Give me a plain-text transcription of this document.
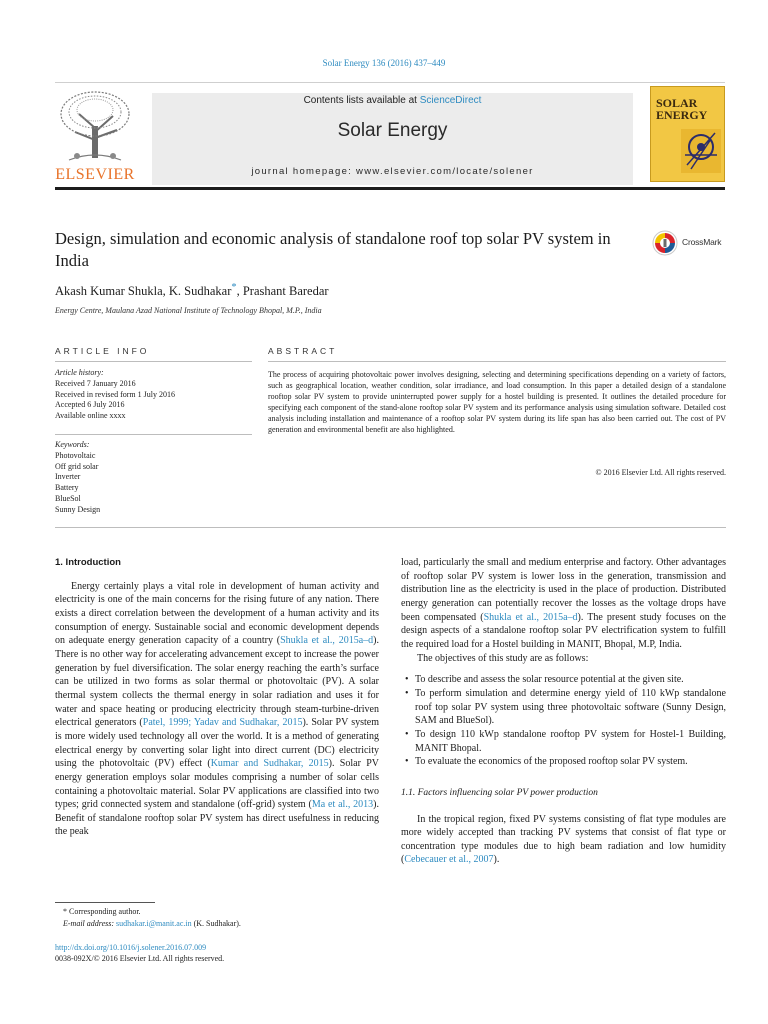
Solar Energy 136 (2016) 437–449
ELSEVIER
Contents lists available at ScienceDirect
Solar Energy
journal homepage: www.elsevier.com/locate/solener
SOLAR
ENERGY
Design, simulation and economic analysis of standalone roof top solar PV system in India
CrossMark
Akash Kumar Shukla, K. Sudhakar*, Prashant Baredar
Energy Centre, Maulana Azad National Institute of Technology Bhopal, M.P., India
ARTICLE INFO	ABSTRACT
Article history:
Received 7 January 2016
Received in revised form 1 July 2016
Accepted 6 July 2016
Available online xxxx
Keywords:
Photovoltaic
Off grid solar
Inverter
Battery
BlueSol
Sunny Design
The process of acquiring photovoltaic power involves designing, selecting and determining specifications depending on a variety of factors, such as geographical location, weather condition, solar irradiance, and load consumption. In this paper a detailed design of a standalone rooftop solar PV system to provide uninterrupted power supply for a hostel building is presented. It outlines the detailed procedure for specifying each component of the stand-alone rooftop solar PV system and its performance analysis using simulation software. Detailed cost analysis including installation and maintenance of a rooftop solar PV system during its life span has also been carried out. The cost of PV generation and environmental benefit are also highlighted.
© 2016 Elsevier Ltd. All rights reserved.

1. Introduction

Energy certainly plays a vital role in development of human activity and electricity is one of the main concerns for the rising future of any nation. There exists a direct correlation between the development of a human activity and its consumption of energy. Sustainable social and economic development depends on adequate energy generation capacity of a country (Shukla et al., 2015a–d). There is no other way for accelerating advancement except to increase the power generation by fuel diversification. The solar energy reaching the earth’s surface can be utilized in two forms as solar thermal or photovoltaic (PV). A solar thermal system collects the thermal energy in solar radiation and uses it for water and space heating or producing electricity through steam-turbine-driven electrical generators (Patel, 1999; Yadav and Sudhakar, 2015). Solar PV system is more widely used technology all over the world. It is a method of generating electrical energy by converting solar light into direct current (DC) electricity using the photovoltaic (PV) effect (Kumar and Sudhakar, 2015). Solar PV energy generation employs solar modules comprising a number of solar cells containing a photovoltaic material. Solar PV applications are classified into two types; grid connected system and standalone (off-grid) system (Ma et al., 2013). Benefit of standalone rooftop solar PV system has direct usefulness in reducing the peak

load, particularly the small and medium enterprise and factory. Other advantages of rooftop solar PV system is lower loss in the generation, transmission and distribution line as the electricity is used in the place of production. Distributed energy generation can potentially recover the losses as the voltage drops have been compensated (Shukla et al., 2015a–d). The present study focuses on the design aspects of a standalone rooftop solar PV electrification system to fulfill the required load for a Hostel building in MANIT, Bhopal, M.P, India.

The objectives of this study are as follows:

• To describe and assess the solar resource potential at the given site.
• To perform simulation and determine energy yield of 110 kWp standalone roof top solar PV system using three photovoltaic software (Sunny Design, SAM and BlueSol).
• To design 110 kWp standalone rooftop PV system for Hostel-1 Building, MANIT Bhopal.
• To evaluate the economics of the proposed rooftop solar PV system.

1.1. Factors influencing solar PV power production

In the tropical region, fixed PV systems consisting of flat type modules are more widely accepted than tracking PV systems that consist of flat type or concentration type modules due to high beam radiation and low humidity (Cebecauer et al., 2007).

* Corresponding author.
E-mail address: sudhakar.i@manit.ac.in (K. Sudhakar).
http://dx.doi.org/10.1016/j.solener.2016.07.009
0038-092X/© 2016 Elsevier Ltd. All rights reserved.
